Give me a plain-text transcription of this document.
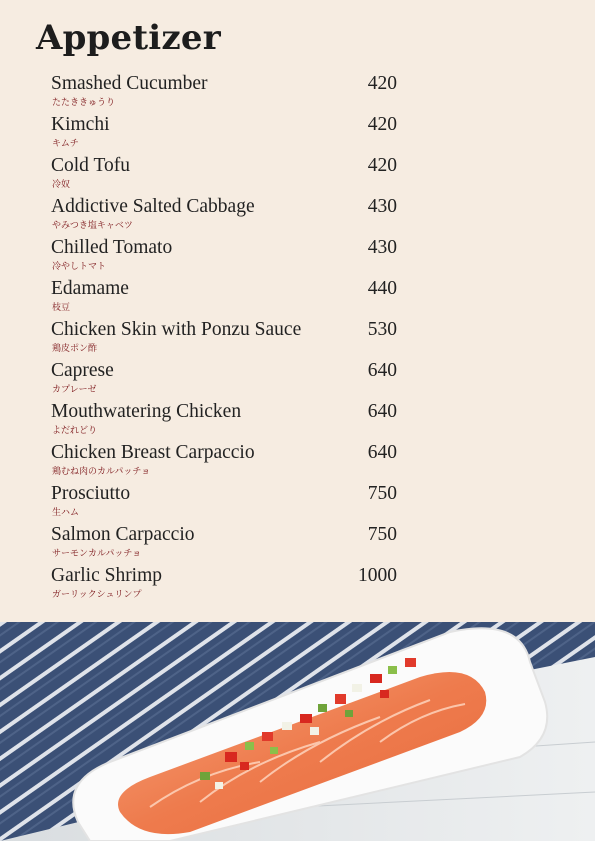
Appetizer
Smashed Cucumber
たたききゅうり
420
Kimchi
キムチ
420
Cold Tofu
冷奴
420
Addictive Salted Cabbage
やみつき塩キャベツ
430
Chilled Tomato
冷やしトマト
430
Edamame
枝豆
440
Chicken Skin with Ponzu Sauce
鶏皮ポン酢
530
Caprese
カプレーゼ
640
Mouthwatering Chicken
よだれどり
640
Chicken Breast Carpaccio
鶏むね肉のカルパッチョ
640
Prosciutto
生ハム
750
Salmon Carpaccio
サーモンカルパッチョ
750
Garlic Shrimp
ガーリックシュリンプ
1000
